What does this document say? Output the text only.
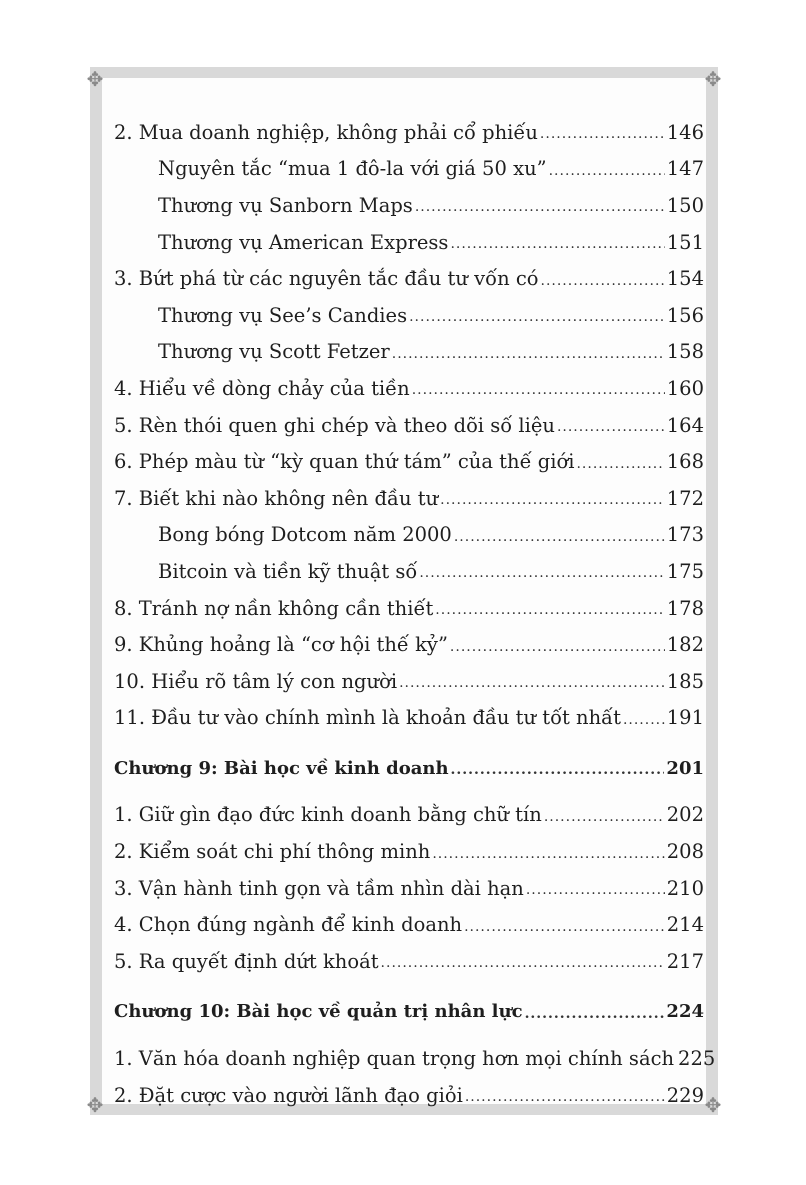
✥	✥
✥	✥
2. Mua doanh nghiệp, không phải cổ phiếu .....	146
Nguyên tắc “mua 1 đô-la với giá 50 xu” .....	147
Thương vụ Sanborn Maps .....	150
Thương vụ American Express .....	151
3. Bứt phá từ các nguyên tắc đầu tư vốn có .....	154
Thương vụ See’s Candies .....	156
Thương vụ Scott Fetzer .....	158
4. Hiểu về dòng chảy của tiền .....	160
5. Rèn thói quen ghi chép và theo dõi số liệu .....	164
6. Phép màu từ “kỳ quan thứ tám” của thế giới .....	168
7. Biết khi nào không nên đầu tư .....	172
Bong bóng Dotcom năm 2000 .....	173
Bitcoin và tiền kỹ thuật số .....	175
8. Tránh nợ nần không cần thiết .....	178
9. Khủng hoảng là “cơ hội thế kỷ” .....	182
10. Hiểu rõ tâm lý con người .....	185
11. Đầu tư vào chính mình là khoản đầu tư tốt nhất ..... 191
Chương 9: Bài học về kinh doanh .....	201
1. Giữ gìn đạo đức kinh doanh bằng chữ tín .....	202
2. Kiểm soát chi phí thông minh .....	208
3. Vận hành tinh gọn và tầm nhìn dài hạn .....	210
4. Chọn đúng ngành để kinh doanh .....	214
5. Ra quyết định dứt khoát .....	217
Chương 10: Bài học về quản trị nhân lực .....	224
1. Văn hóa doanh nghiệp quan trọng hơn mọi chính sách 225
2. Đặt cược vào người lãnh đạo giỏi .....	229
